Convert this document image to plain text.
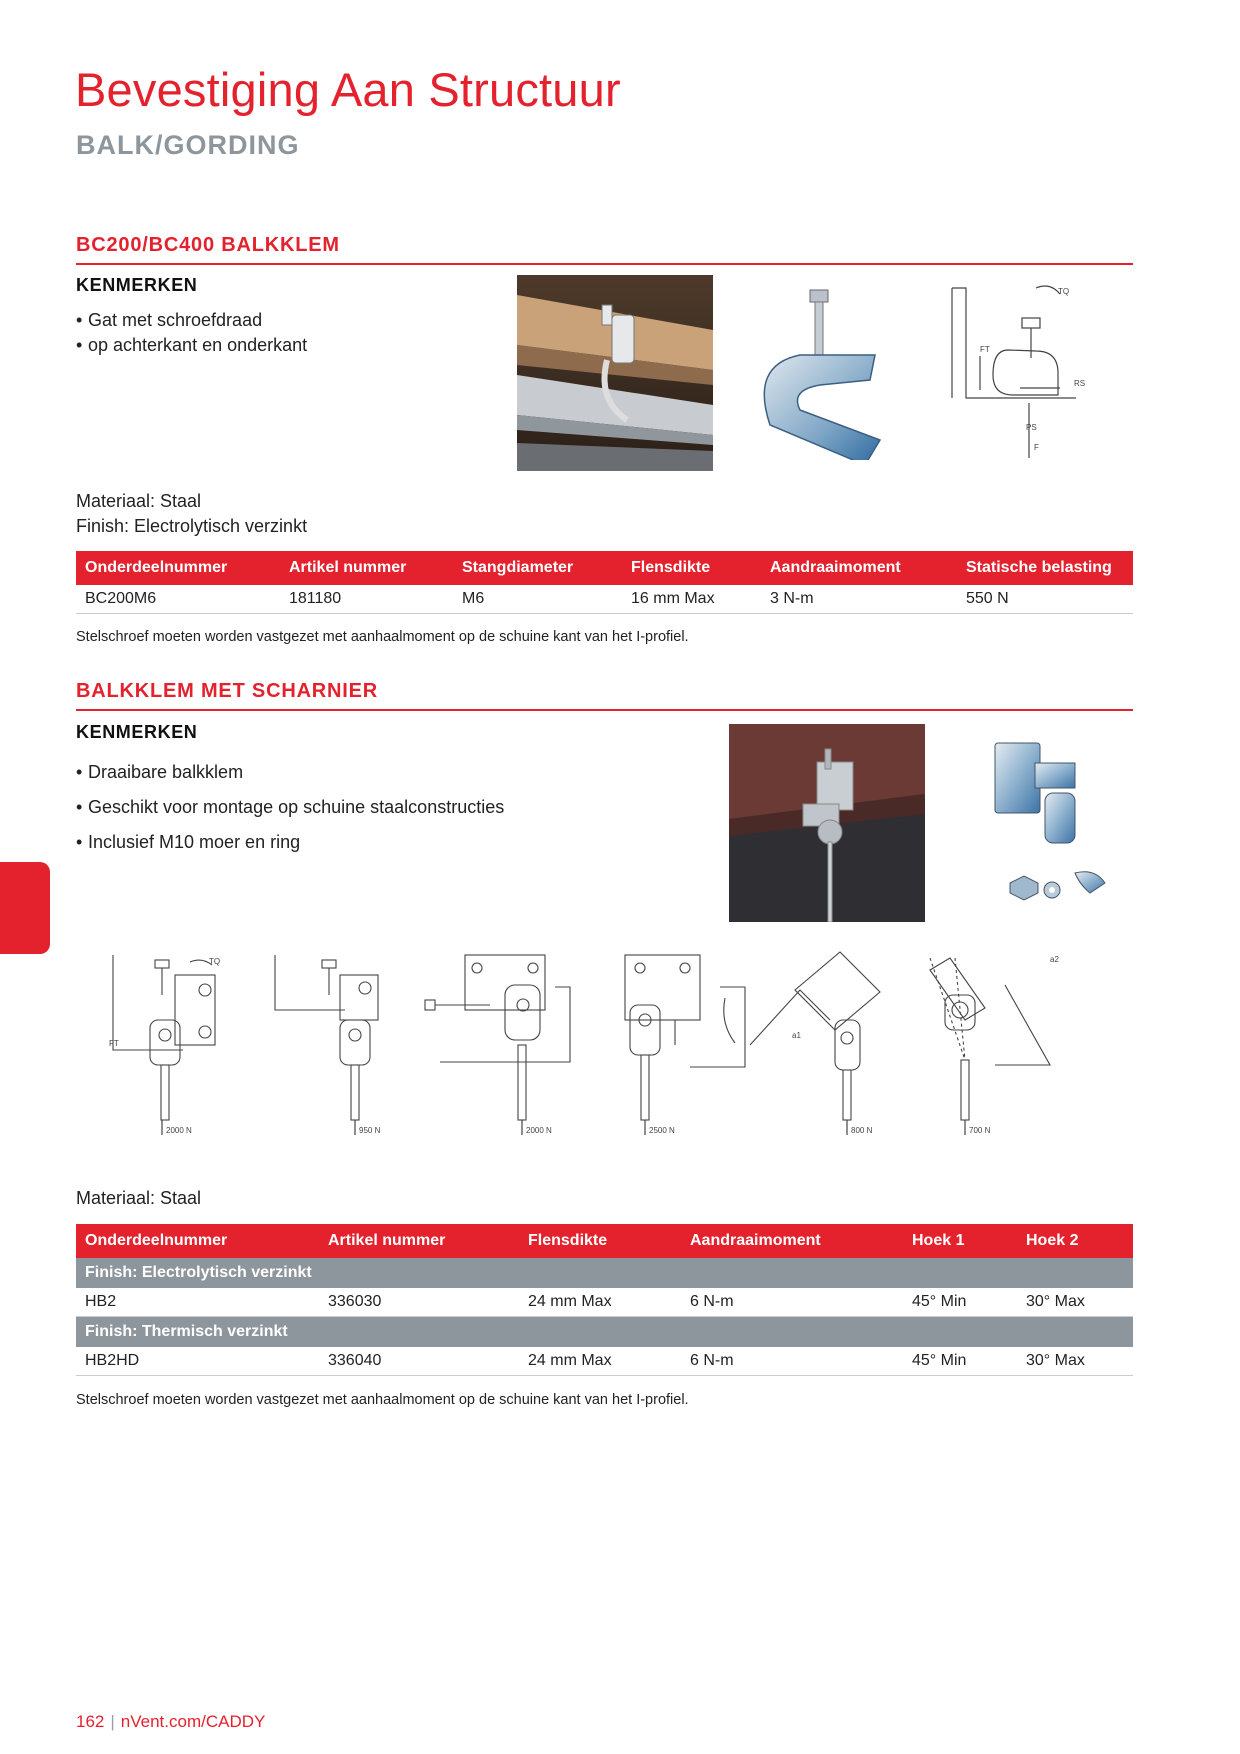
Bevestiging Aan Structuur
BALK/GORDING
BC200/BC400 BALKKLEM
KENMERKEN
• Gat met schroefdraad
• op achterkant en onderkant
TQ
FT
RS
PS
F
Materiaal: Staal
Finish: Electrolytisch verzinkt
Onderdeelnummer	Artikel nummer	Stangdiameter	Flensdikte	Aandraaimoment	Statische belasting
BC200M6	181180	M6	16 mm Max	3 N-m	550 N
Stelschroef moeten worden vastgezet met aanhaalmoment op de schuine kant van het I-profiel.
BALKKLEM MET SCHARNIER
KENMERKEN
• Draaibare balkklem
• Geschikt voor montage op schuine staalconstructies
• Inclusief M10 moer en ring
2000 N	950 N	2000 N	2500 N	800 N	700 N
TQ
FT
a1
a2
Materiaal: Staal
Onderdeelnummer	Artikel nummer	Flensdikte	Aandraaimoment	Hoek 1	Hoek 2
Finish: Electrolytisch verzinkt					
HB2	336030	24 mm Max	6 N-m	45° Min	30° Max
Finish: Thermisch verzinkt					
HB2HD	336040	24 mm Max	6 N-m	45° Min	30° Max
Stelschroef moeten worden vastgezet met aanhaalmoment op de schuine kant van het I-profiel.
162 | nVent.com/CADDY
